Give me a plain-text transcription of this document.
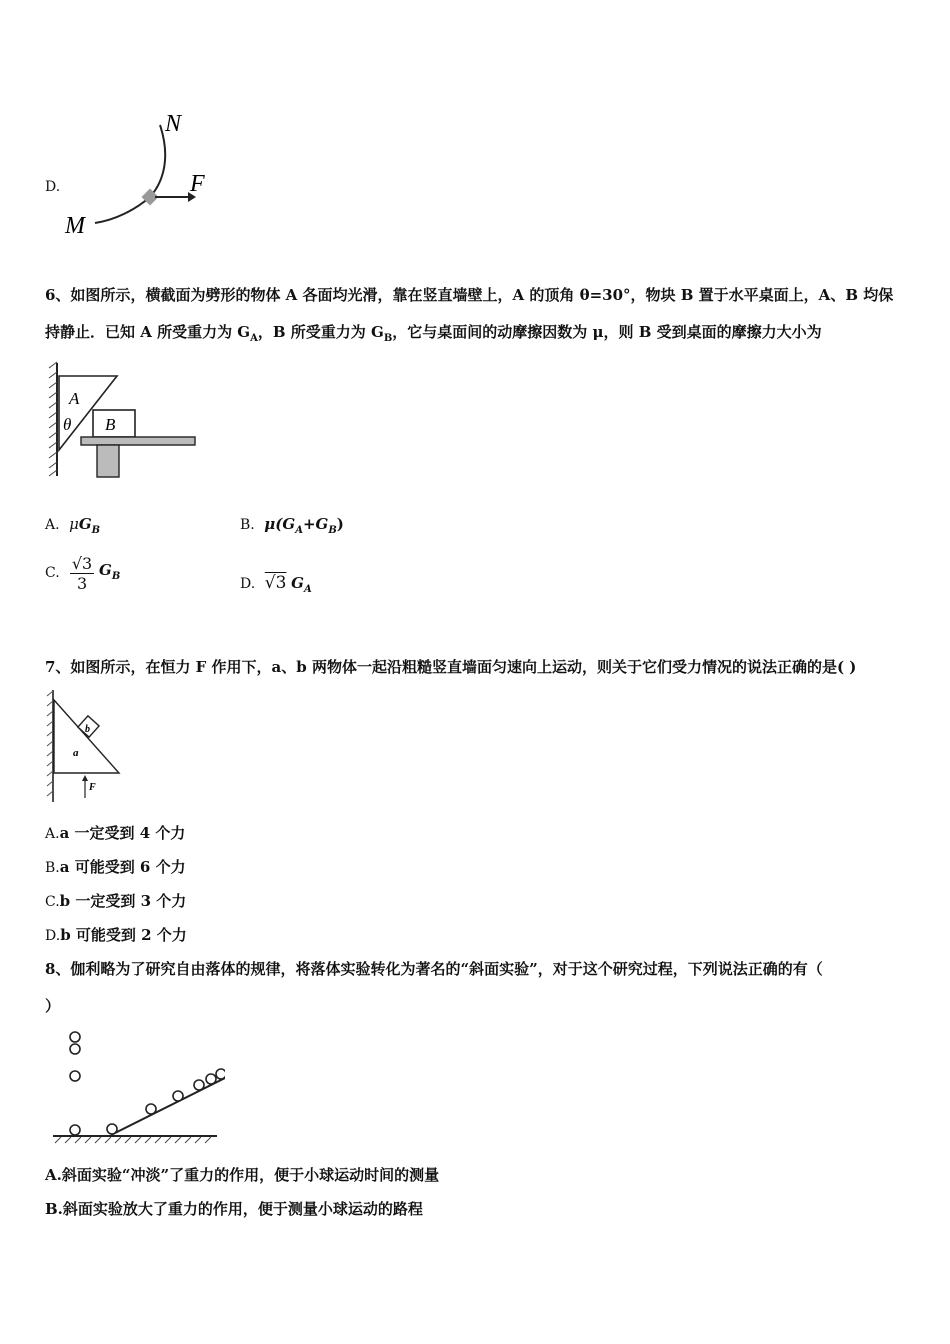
D.
N
F
M
6、如图所示，横截面为劈形的物体 A 各面均光滑，靠在竖直墙壁上，A 的顶角 θ=30°，物块 B 置于水平桌面上，A、B 均保
持静止．已知 A 所受重力为 $G_A$，B 所受重力为 $G_B$，它与桌面间的动摩擦因数为 μ，则 B 受到桌面的摩擦力大小为
A
B
θ
A. $\mu G_B$	B. $\mu(G_A+G_B)$
C.
$\frac{√3}{3} G_B$	D. √3 $G_A$
7、如图所示，在恒力 F 作用下，a、b 两物体一起沿粗糙竖直墙面匀速向上运动，则关于它们受力情况的说法正确的是( )
a
b
F
A.a 一定受到 4 个力
B.a 可能受到 6 个力
C.b 一定受到 3 个力
D.b 可能受到 2 个力
8、伽利略为了研究自由落体的规律，将落体实验转化为著名的“斜面实验”，对于这个研究过程，下列说法正确的有（
）
A.斜面实验“冲淡”了重力的作用，便于小球运动时间的测量
B.斜面实验放大了重力的作用，便于测量小球运动的路程
